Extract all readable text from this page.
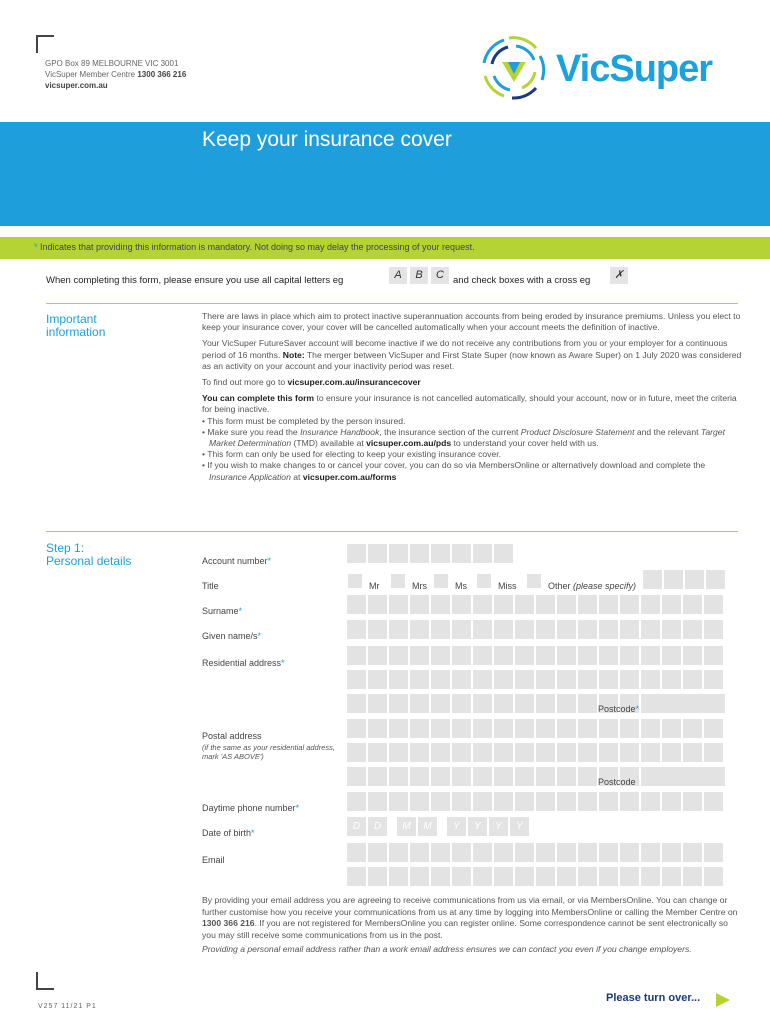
GPO Box 89 MELBOURNE VIC 3001
VicSuper Member Centre 1300 366 216
vicsuper.com.au	VicSuper
Keep your insurance cover
* Indicates that providing this information is mandatory. Not doing so may delay the processing of your request.
When completing this form, please ensure you use all capital letters eg	A	B	C and check boxes with a cross eg	✗
Important
information

There are laws in place which aim to protect inactive superannuation accounts from being eroded by insurance premiums. Unless you elect to keep your insurance cover, your cover will be cancelled automatically when your account meets the definition of inactive.

Your VicSuper FutureSaver account will become inactive if we do not receive any contributions from you or your employer for a continuous period of 16 months. Note: The merger between VicSuper and First State Super (now known as Aware Super) on 1 July 2020 was considered as an activity on your account and your inactivity period was reset.

To find out more go to vicsuper.com.au/insurancecover

You can complete this form to ensure your insurance is not cancelled automatically, should your account, now or in future, meet the criteria for being inactive.

• This form must be completed by the person insured.
• Make sure you read the Insurance Handbook, the insurance section of the current Product Disclosure Statement and the relevant Target Market Determination (TMD) available at vicsuper.com.au/pds to understand your cover held with us.
• This form can only be used for electing to keep your existing insurance cover.
• If you wish to make changes to or cancel your cover, you can do so via MembersOnline or alternatively download and complete the Insurance Application at vicsuper.com.au/forms
Step 1:
Personal details	Account number*
Title	Mr	Mrs	Ms	Miss	Other (please specify)
Surname*
Given name/s*
Residential address*
Postcode*
Postal address
(if the same as your residential address, mark 'AS ABOVE')
Postcode
Daytime phone number*
Date of birth*
D	D	M	M	Y	Y	Y	Y
Email
By providing your email address you are agreeing to receive communications from us via email, or via MembersOnline. You can change or further customise how you receive your communications from us at any time by logging into MembersOnline or calling the Member Centre on 1300 366 216. If you are not registered for MembersOnline you can register online. Some correspondence cannot be sent electronically so you may still receive some communications from us in the post.
Providing a personal email address rather than a work email address ensures we can contact you even if you change employers.
V257 11/21 P1
Please turn over...
